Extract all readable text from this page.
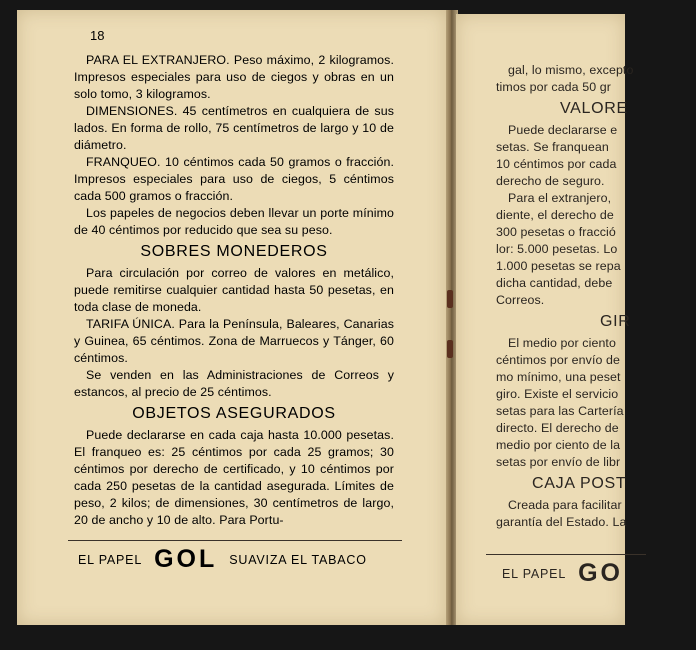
18

PARA EL EXTRANJERO. Peso máximo, 2 kilogramos. Impresos especiales para uso de ciegos y obras en un solo tomo, 3 kilogramos.

DIMENSIONES. 45 centímetros en cualquiera de sus lados. En forma de rollo, 75 centímetros de largo y 10 de diámetro.

FRANQUEO. 10 céntimos cada 50 gramos o fracción. Impresos especiales para uso de ciegos, 5 céntimos cada 500 gramos o fracción.

Los papeles de negocios deben llevar un porte mínimo de 40 céntimos por reducido que sea su peso.

SOBRES MONEDEROS

Para circulación por correo de valores en metálico, puede remitirse cualquier cantidad hasta 50 pesetas, en toda clase de moneda.

TARIFA ÚNICA. Para la Península, Baleares, Canarias y Guinea, 65 céntimos. Zona de Marruecos y Tánger, 60 céntimos.

Se venden en las Administraciones de Correos y estancos, al precio de 25 céntimos.

OBJETOS ASEGURADOS

Puede declararse en cada caja hasta 10.000 pesetas. El franqueo es: 25 céntimos por cada 25 gramos; 30 céntimos por derecho de certificado, y 10 céntimos por cada 250 pesetas de la cantidad asegurada. Límites de peso, 2 kilos; de dimensiones, 30 centímetros de largo, 20 de ancho y 10 de alto. Para Portu-

EL PAPEL GOL SUAVIZA EL TABACO

gal, lo mismo, excepto

timos por cada 50 gr

VALORE

Puede declararse e

setas. Se franquean

10 céntimos por cada

derecho de seguro.

Para el extranjero,

diente, el derecho de

300 pesetas o fracció

lor: 5.000 pesetas. Lo

1.000 pesetas se repa

dicha cantidad, debe

Correos.

GIR

El medio por ciento

céntimos por envío de

mo mínimo, una peset

giro. Existe el servicio

setas para las Cartería

directo. El derecho de

medio por ciento de la

setas por envío de libr

CAJA POST

Creada para facilitar

garantía del Estado. La

EL PAPEL GO
